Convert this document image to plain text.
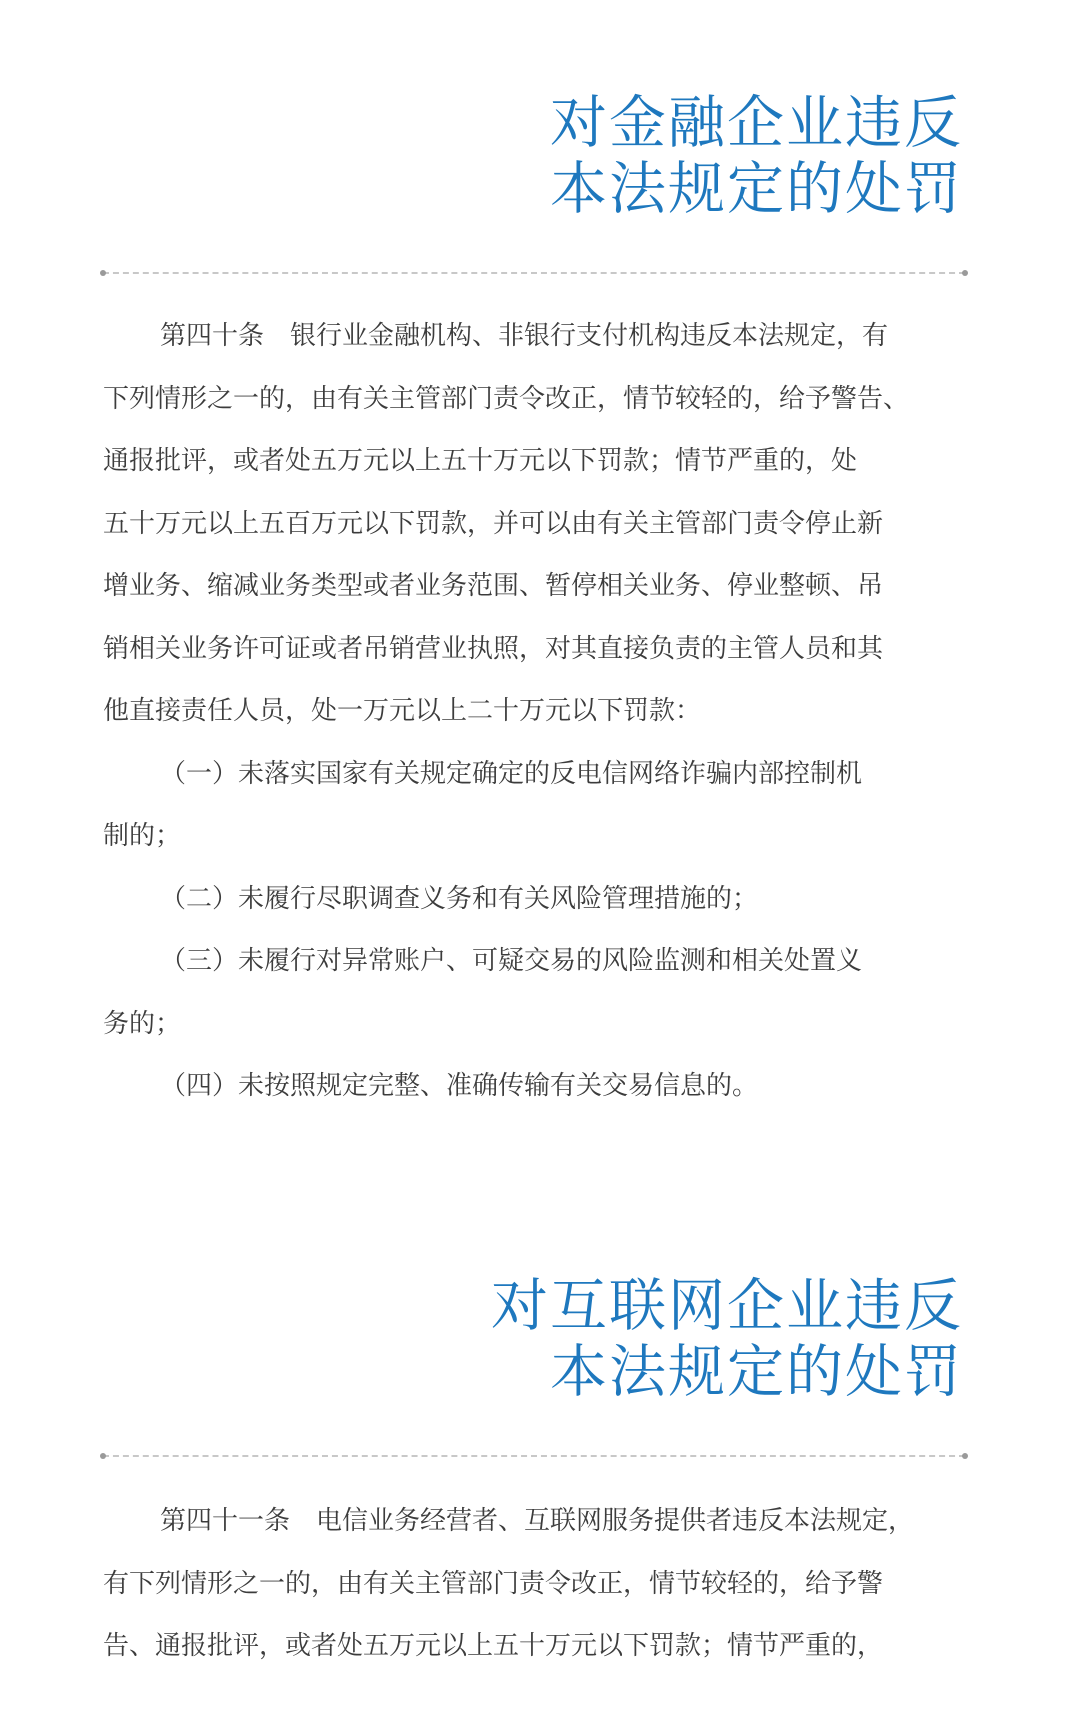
对金融企业违反
本法规定的处罚
第四十条　银行业金融机构、非银行支付机构违反本法规定，有
下列情形之一的，由有关主管部门责令改正，情节较轻的，给予警告、
通报批评，或者处五万元以上五十万元以下罚款；情节严重的，处
五十万元以上五百万元以下罚款，并可以由有关主管部门责令停止新
增业务、缩减业务类型或者业务范围、暂停相关业务、停业整顿、吊
销相关业务许可证或者吊销营业执照，对其直接负责的主管人员和其
他直接责任人员，处一万元以上二十万元以下罚款：
（一）未落实国家有关规定确定的反电信网络诈骗内部控制机
制的；
（二）未履行尽职调查义务和有关风险管理措施的；
（三）未履行对异常账户、可疑交易的风险监测和相关处置义
务的；
（四）未按照规定完整、准确传输有关交易信息的。
对互联网企业违反
本法规定的处罚
第四十一条　电信业务经营者、互联网服务提供者违反本法规定，
有下列情形之一的，由有关主管部门责令改正，情节较轻的，给予警
告、通报批评，或者处五万元以上五十万元以下罚款；情节严重的，
